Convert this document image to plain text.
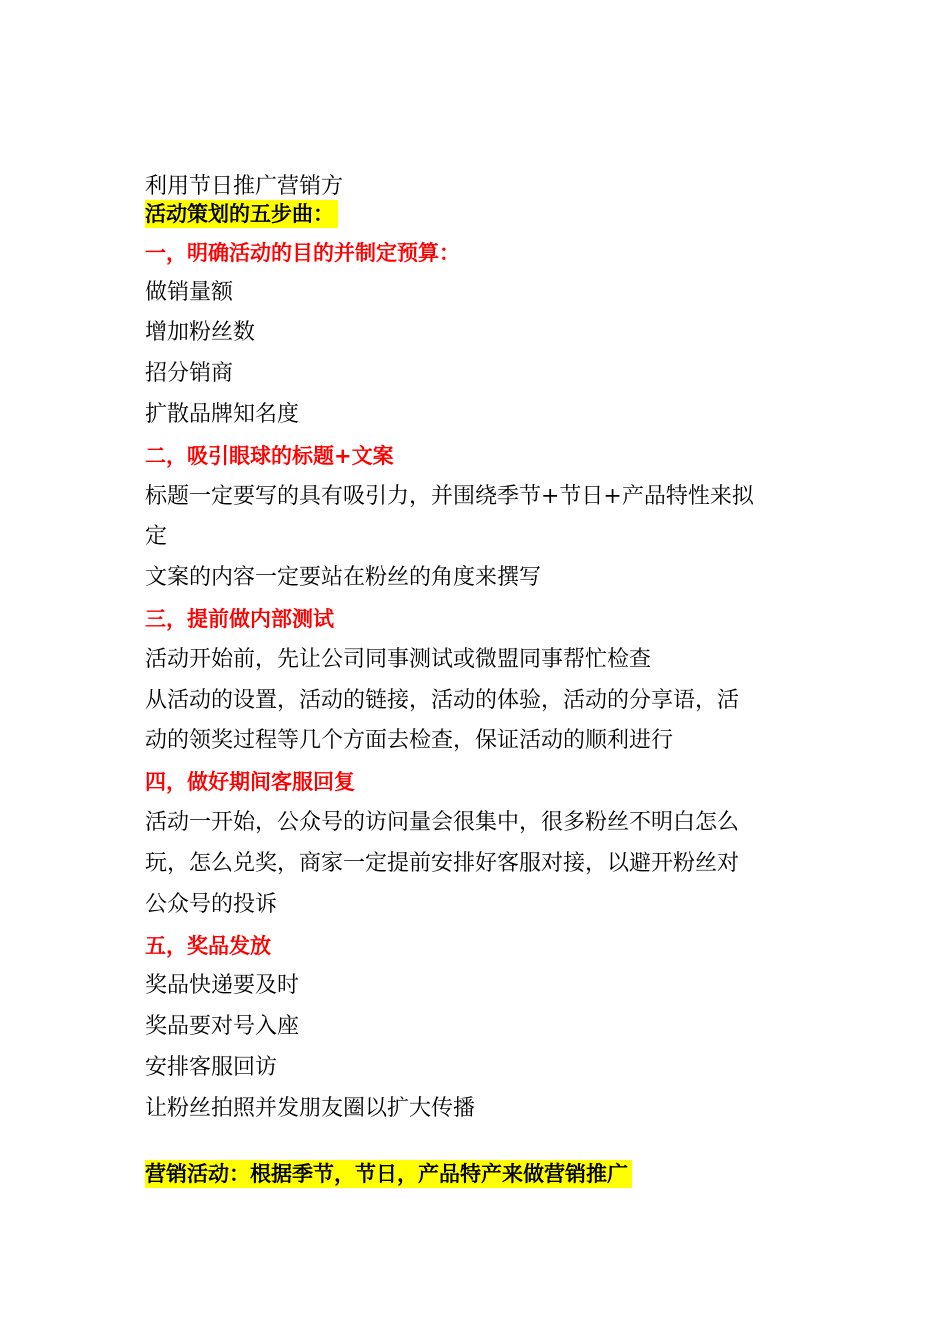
利用节日推广营销方
活动策划的五步曲：
一，明确活动的目的并制定预算：
做销量额
增加粉丝数
招分销商
扩散品牌知名度
二，吸引眼球的标题+文案
标题一定要写的具有吸引力，并围绕季节+节日+产品特性来拟
定
文案的内容一定要站在粉丝的角度来撰写
三，提前做内部测试
活动开始前，先让公司同事测试或微盟同事帮忙检查
从活动的设置，活动的链接，活动的体验，活动的分享语，活
动的领奖过程等几个方面去检查，保证活动的顺利进行
四，做好期间客服回复
活动一开始，公众号的访问量会很集中，很多粉丝不明白怎么
玩，怎么兑奖，商家一定提前安排好客服对接，以避开粉丝对
公众号的投诉
五，奖品发放
奖品快递要及时
奖品要对号入座
安排客服回访
让粉丝拍照并发朋友圈以扩大传播
营销活动：根据季节，节日，产品特产来做营销推广
